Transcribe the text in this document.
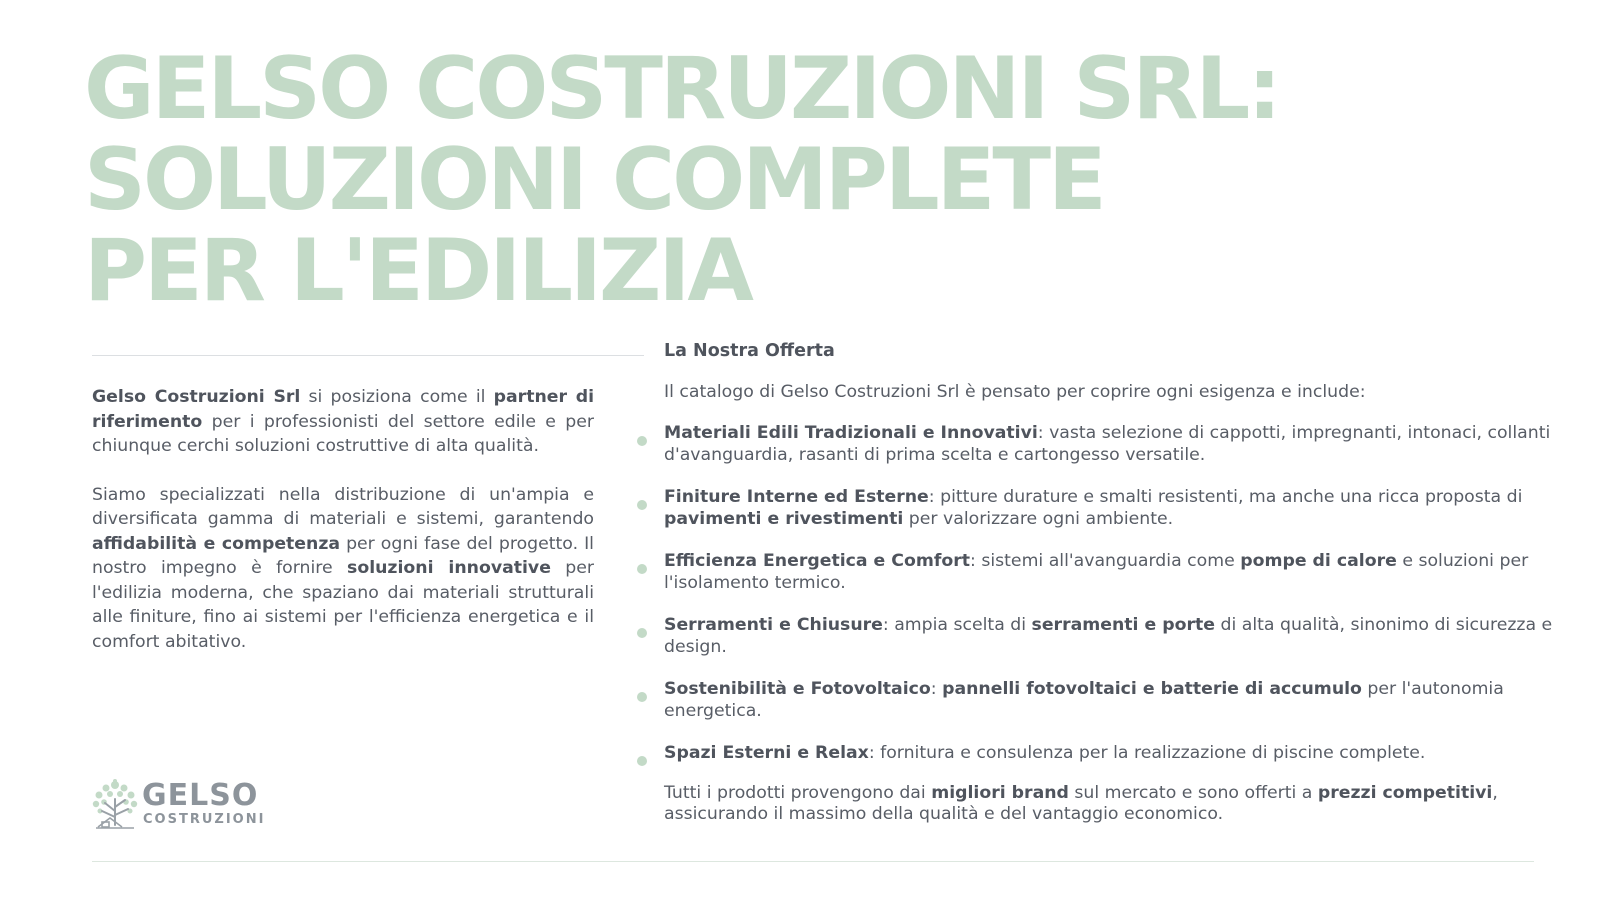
GELSO COSTRUZIONI SRL:
SOLUZIONI COMPLETE
PER L'EDILIZIA

Gelso Costruzioni Srl si posiziona come il partner di riferimento per i professionisti del settore edile e per chiunque cerchi soluzioni costruttive di alta qualità.

Siamo specializzati nella distribuzione di un'ampia e diversificata gamma di materiali e sistemi, garantendo affidabilità e competenza per ogni fase del progetto. Il nostro impegno è fornire soluzioni innovative per l'edilizia moderna, che spaziano dai materiali strutturali alle finiture, fino ai sistemi per l'efficienza energetica e il comfort abitativo.

La Nostra Offerta

Il catalogo di Gelso Costruzioni Srl è pensato per coprire ogni esigenza e include:

Materiali Edili Tradizionali e Innovativi: vasta selezione di cappotti, impregnanti, intonaci, collanti d'avanguardia, rasanti di prima scelta e cartongesso versatile.
Finiture Interne ed Esterne: pitture durature e smalti resistenti, ma anche una ricca proposta di pavimenti e rivestimenti per valorizzare ogni ambiente.
Efficienza Energetica e Comfort: sistemi all'avanguardia come pompe di calore e soluzioni per l'isolamento termico.
Serramenti e Chiusure: ampia scelta di serramenti e porte di alta qualità, sinonimo di sicurezza e design.
Sostenibilità e Fotovoltaico: pannelli fotovoltaici e batterie di accumulo per l'autonomia energetica.
Spazi Esterni e Relax: fornitura e consulenza per la realizzazione di piscine complete.

Tutti i prodotti provengono dai migliori brand sul mercato e sono offerti a prezzi competitivi, assicurando il massimo della qualità e del vantaggio economico.

GELSO
COSTRUZIONI
